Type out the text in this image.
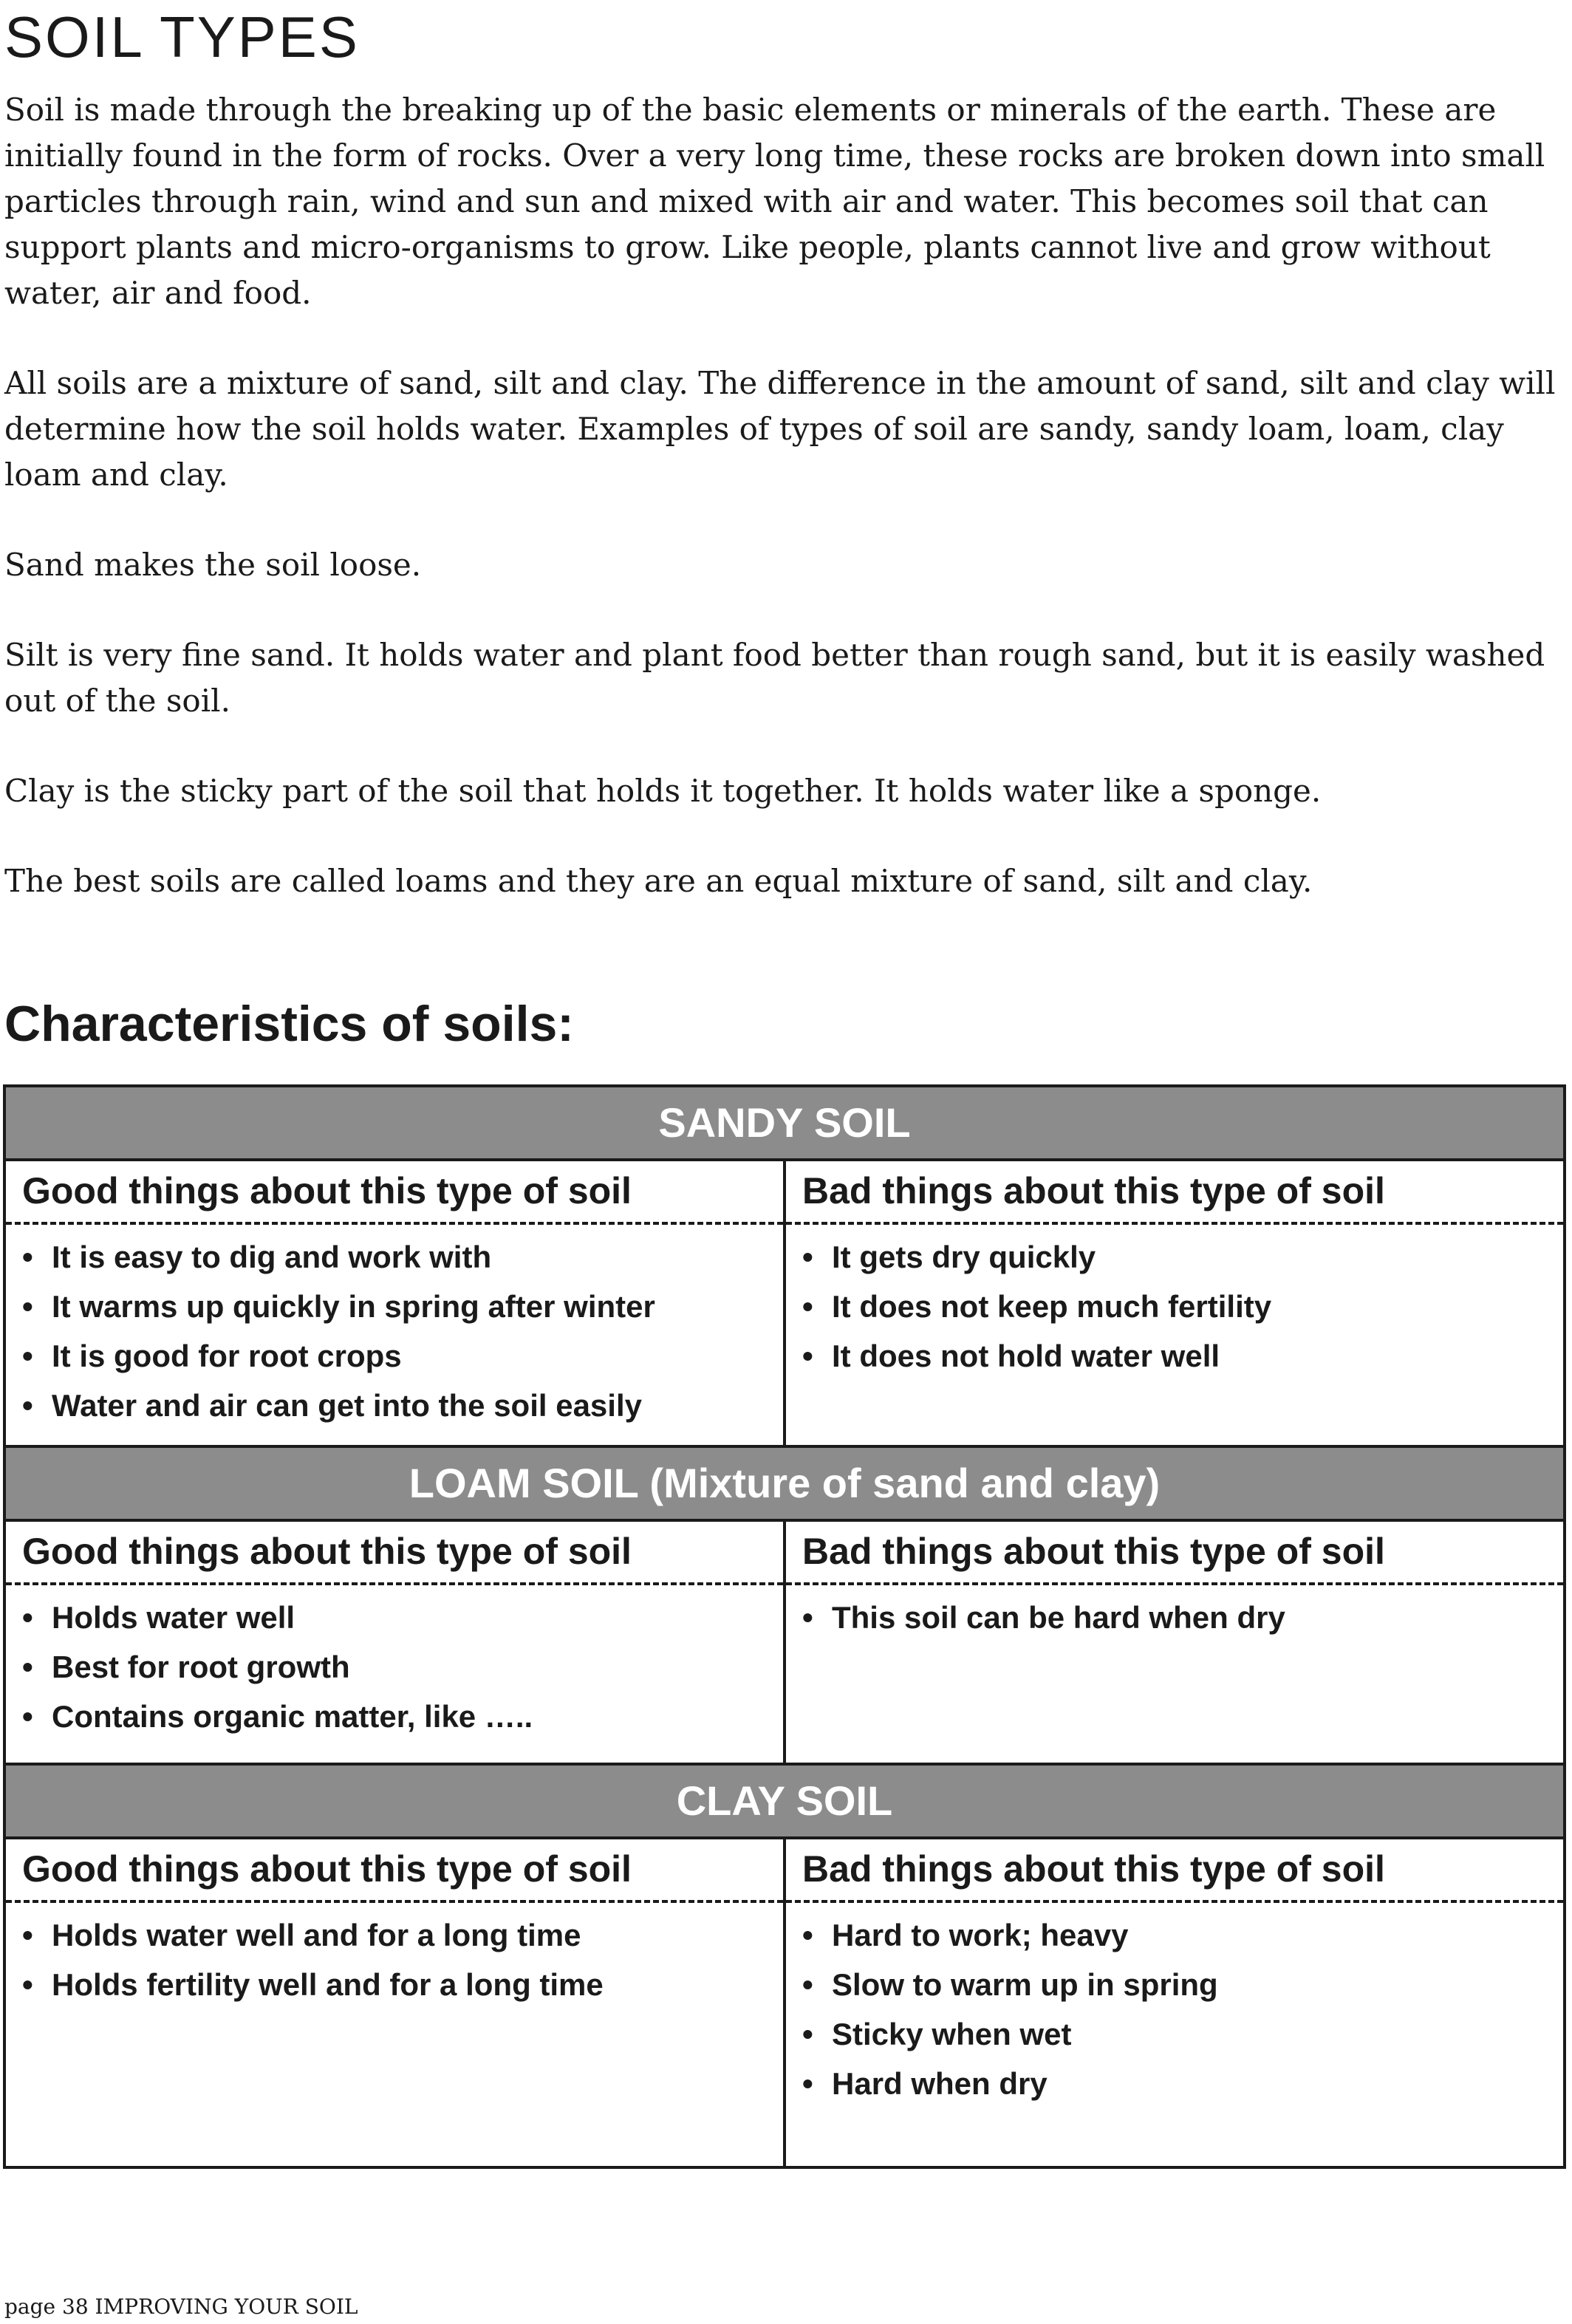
SOIL TYPES

Soil is made through the breaking up of the basic elements or minerals of the earth. These are initially found in the form of rocks. Over a very long time, these rocks are broken down into small particles through rain, wind and sun and mixed with air and water. This becomes soil that can support plants and micro-organisms to grow. Like people, plants cannot live and grow without water, air and food.

All soils are a mixture of sand, silt and clay. The difference in the amount of sand, silt and clay will determine how the soil holds water. Examples of types of soil are sandy, sandy loam, loam, clay loam and clay.

Sand makes the soil loose.

Silt is very fine sand. It holds water and plant food better than rough sand, but it is easily washed out of the soil.

Clay is the sticky part of the soil that holds it together. It holds water like a sponge.

The best soils are called loams and they are an equal mixture of sand, silt and clay.

Characteristics of soils:
SANDY SOIL
Good things about this type of soil
• It is easy to dig and work with
• It warms up quickly in spring after winter
• It is good for root crops
• Water and air can get into the soil easily
Bad things about this type of soil
• It gets dry quickly
• It does not keep much fertility
• It does not hold water well
LOAM SOIL (Mixture of sand and clay)
Good things about this type of soil
• Holds water well
• Best for root growth
• Contains organic matter, like …..
Bad things about this type of soil
• This soil can be hard when dry
CLAY SOIL
Good things about this type of soil
• Holds water well and for a long time
• Holds fertility well and for a long time
Bad things about this type of soil
• Hard to work; heavy
• Slow to warm up in spring
• Sticky when wet
• Hard when dry
page 38 IMPROVING YOUR SOIL
